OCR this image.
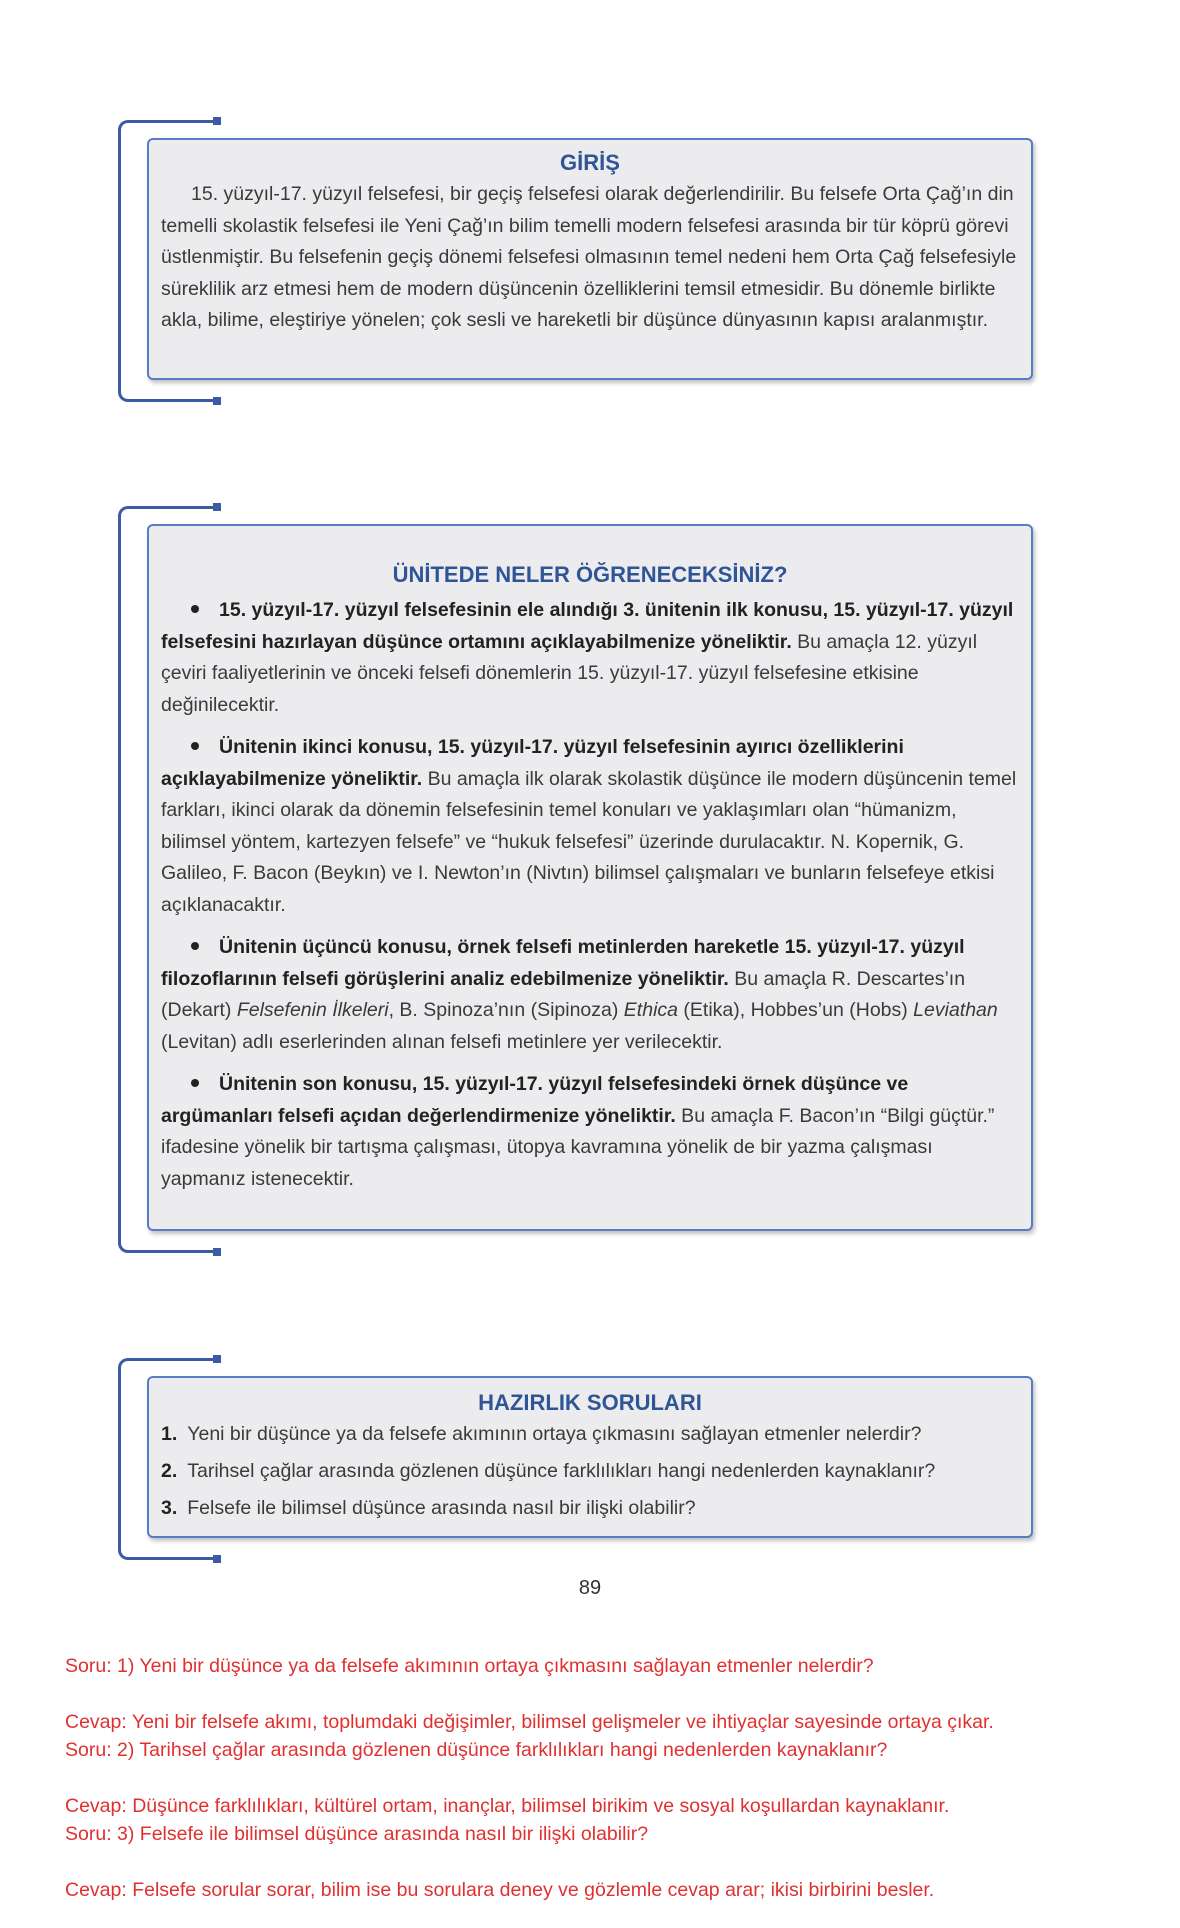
GİRİŞ

15. yüzyıl-17. yüzyıl felsefesi, bir geçiş felsefesi olarak değerlendirilir. Bu felsefe Orta Çağ’ın din temelli skolastik felsefesi ile Yeni Çağ’ın bilim temelli modern felsefesi arasında bir tür köprü görevi üstlenmiştir. Bu felsefenin geçiş dönemi felsefesi olmasının temel nedeni hem Orta Çağ felsefesiyle süreklilik arz etmesi hem de modern düşüncenin özelliklerini temsil etmesidir. Bu dönemle birlikte akla, bilime, eleştiriye yönelen; çok sesli ve hareketli bir düşünce dünyasının kapısı aralanmıştır.

ÜNİTEDE NELER ÖĞRENECEKSİNİZ?

15. yüzyıl-17. yüzyıl felsefesinin ele alındığı 3. ünitenin ilk konusu, 15. yüzyıl-17. yüzyıl felsefesini hazırlayan düşünce ortamını açıklayabilmenize yöneliktir. Bu amaçla 12. yüzyıl çeviri faaliyetlerinin ve önceki felsefi dönemlerin 15. yüzyıl-17. yüzyıl felsefesine etkisine değinilecektir.

Ünitenin ikinci konusu, 15. yüzyıl-17. yüzyıl felsefesinin ayırıcı özelliklerini açıklayabilmenize yöneliktir. Bu amaçla ilk olarak skolastik düşünce ile modern düşüncenin temel farkları, ikinci olarak da dönemin felsefesinin temel konuları ve yaklaşımları olan “hümanizm, bilimsel yöntem, kartezyen felsefe” ve “hukuk felsefesi” üzerinde durulacaktır. N. Kopernik, G. Galileo, F. Bacon (Beykın) ve I. Newton’ın (Nivtın) bilimsel çalışmaları ve bunların felsefeye etkisi açıklanacaktır.

Ünitenin üçüncü konusu, örnek felsefi metinlerden hareketle 15. yüzyıl-17. yüzyıl filozoflarının felsefi görüşlerini analiz edebilmenize yöneliktir. Bu amaçla R. Descartes’ın (Dekart) Felsefenin İlkeleri, B. Spinoza’nın (Sipinoza) Ethica (Etika), Hobbes’un (Hobs) Leviathan (Levitan) adlı eserlerinden alınan felsefi metinlere yer verilecektir.

Ünitenin son konusu, 15. yüzyıl-17. yüzyıl felsefesindeki örnek düşünce ve argümanları felsefi açıdan değerlendirmenize yöneliktir. Bu amaçla F. Bacon’ın “Bilgi güçtür.” ifadesine yönelik bir tartışma çalışması, ütopya kavramına yönelik de bir yazma çalışması yapmanız istenecektir.

HAZIRLIK SORULARI
1. Yeni bir düşünce ya da felsefe akımının ortaya çıkmasını sağlayan etmenler nelerdir?
2. Tarihsel çağlar arasında gözlenen düşünce farklılıkları hangi nedenlerden kaynaklanır?
3. Felsefe ile bilimsel düşünce arasında nasıl bir ilişki olabilir?
89

Soru: 1) Yeni bir düşünce ya da felsefe akımının ortaya çıkmasını sağlayan etmenler nelerdir?

Cevap: Yeni bir felsefe akımı, toplumdaki değişimler, bilimsel gelişmeler ve ihtiyaçlar sayesinde ortaya çıkar.

Soru: 2) Tarihsel çağlar arasında gözlenen düşünce farklılıkları hangi nedenlerden kaynaklanır?

Cevap: Düşünce farklılıkları, kültürel ortam, inançlar, bilimsel birikim ve sosyal koşullardan kaynaklanır.

Soru: 3) Felsefe ile bilimsel düşünce arasında nasıl bir ilişki olabilir?

Cevap: Felsefe sorular sorar, bilim ise bu sorulara deney ve gözlemle cevap arar; ikisi birbirini besler.
